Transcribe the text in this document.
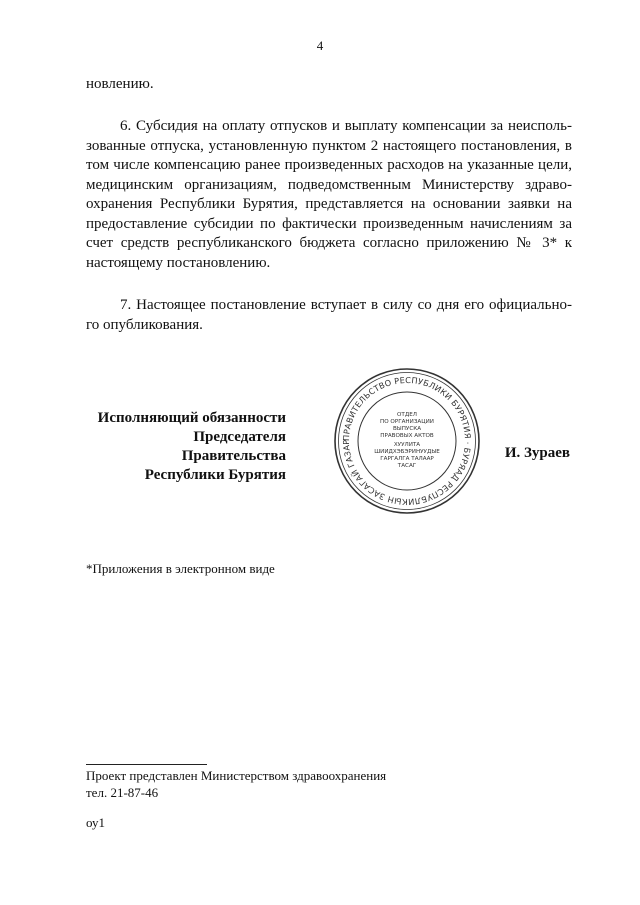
4
новлению.
6. Субсидия на оплату отпусков и выплату компенсации за неисполь-
зованные отпуска, установленную пунктом 2 настоящего постановления, в
том числе компенсацию ранее произведенных расходов на указанные цели,
медицинским организациям, подведомственным Министерству здраво-
охранения Республики Бурятия, представляется на основании заявки на
предоставление субсидии по фактически произведенным начислениям за
счет средств республиканского бюджета согласно приложению № 3* к
настоящему постановлению.
7. Настоящее постановление вступает в силу со дня его официально-
го опубликования.
Исполняющий обязанности
Председателя Правительства
Республики Бурятия
ПРАВИТЕЛЬСТВО РЕСПУБЛИКИ БУРЯТИЯ · БУРЯАД РЕСПУБЛИКЫН ЗАСАГАЙ ГАЗАР
ОТДЕЛ
ПО ОРГАНИЗАЦИИ
ВЫПУСКА
ПРАВОВЫХ АКТОВ
ХУУЛИТА
ШИИДХЭБЭРИНУУДЫЕ
ГАРГАЛГА ТАЛААР
ТАСАГ
И. Зураев
*Приложения в электронном виде
Проект представлен Министерством здравоохранения
тел. 21-87-46
оу1
